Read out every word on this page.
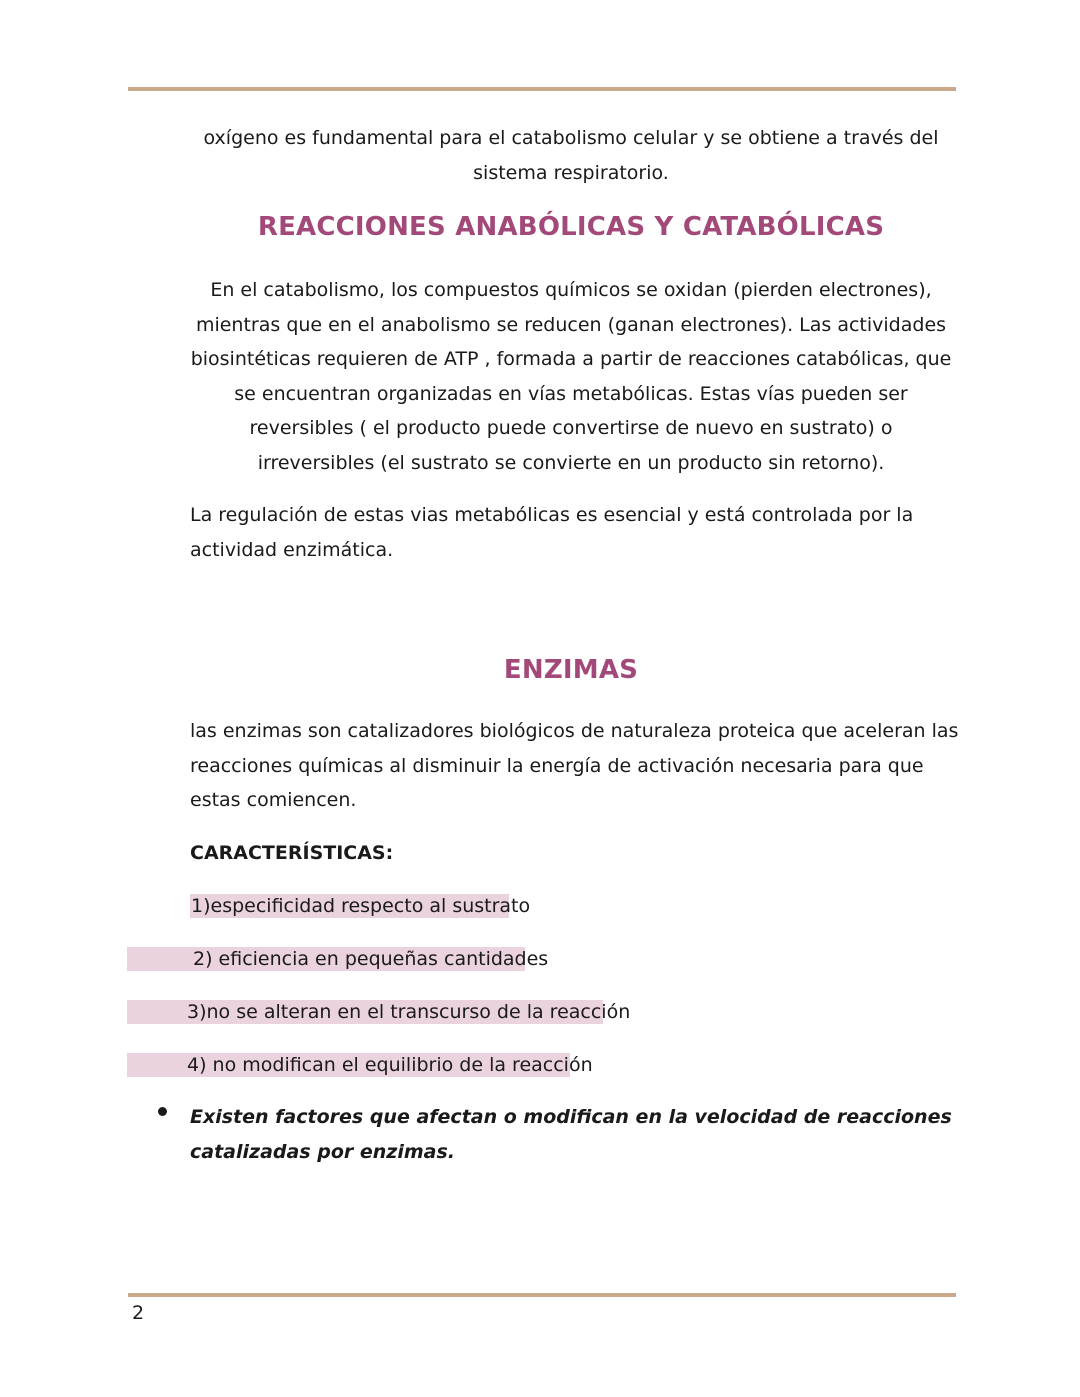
oxígeno es fundamental para el catabolismo celular y se obtiene a través del sistema respiratorio.

REACCIONES ANABÓLICAS Y CATABÓLICAS

En el catabolismo, los compuestos químicos se oxidan (pierden electrones), mientras que en el anabolismo se reducen (ganan electrones). Las actividades biosintéticas requieren de ATP , formada a partir de reacciones catabólicas, que se encuentran organizadas en vías metabólicas. Estas vías pueden ser reversibles ( el producto puede convertirse de nuevo en sustrato) o irreversibles (el sustrato se convierte en un producto sin retorno).

La regulación de estas vias metabólicas es esencial y está controlada por la actividad enzimática.

ENZIMAS

las enzimas son catalizadores biológicos de naturaleza proteica que aceleran las reacciones químicas al disminuir la energía de activación necesaria para que estas comiencen.

CARACTERÍSTICAS:

1)especificidad respecto al sustrato

2) eficiencia en pequeñas cantidades

3)no se alteran en el transcurso de la reacción

4) no modifican el equilibrio de la reacción

Existen factores que afectan o modifican en la velocidad de reacciones catalizadas por enzimas.

2
